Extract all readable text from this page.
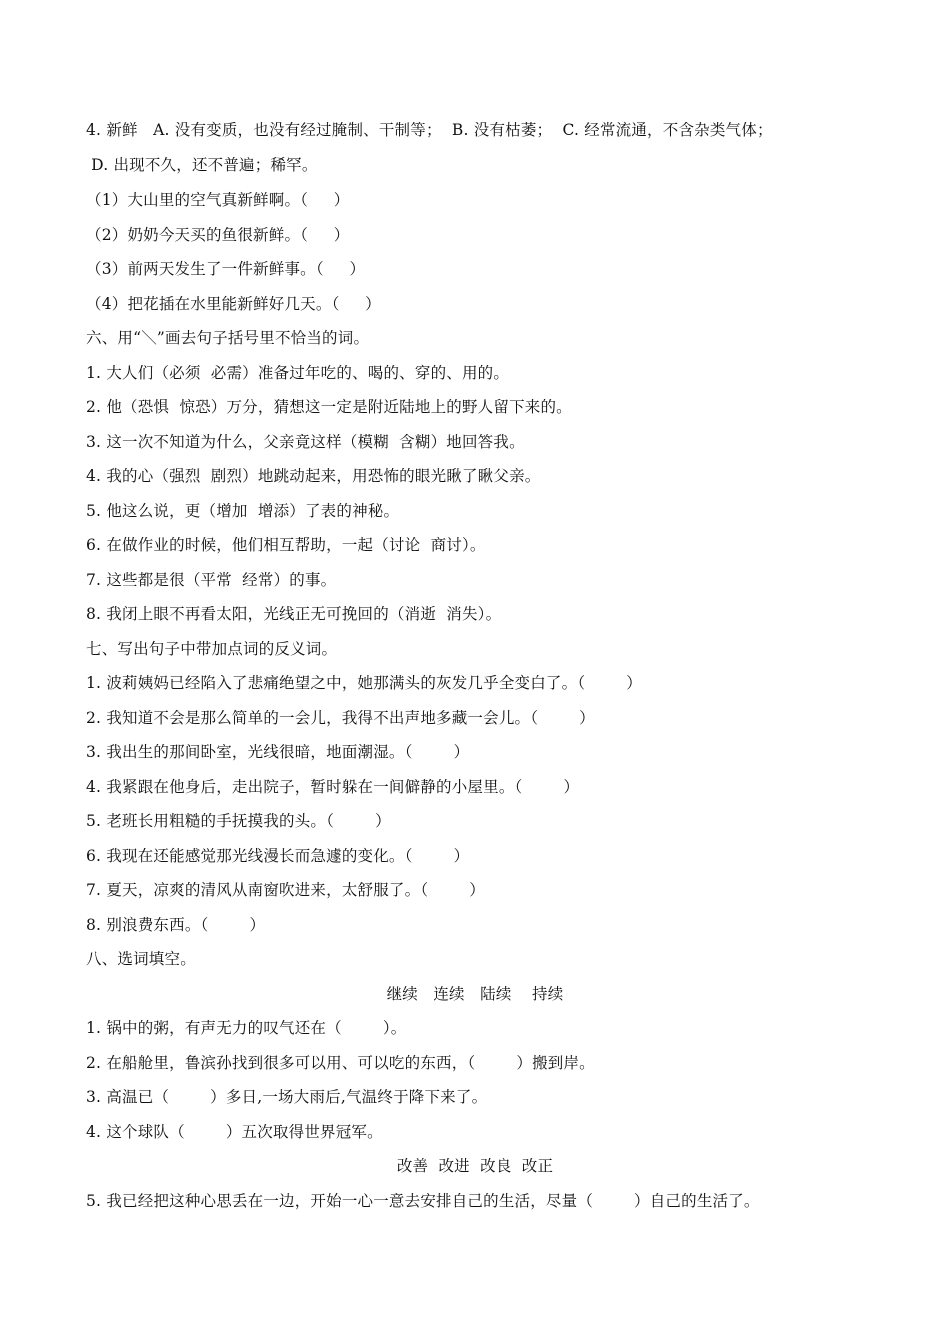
4. 新鲜   A. 没有变质，也没有经过腌制、干制等；  B. 没有枯萎；  C. 经常流通，不含杂类气体；
D. 出现不久，还不普遍；稀罕。
（1）大山里的空气真新鲜啊。（     ）
（2）奶奶今天买的鱼很新鲜。（     ）
（3）前两天发生了一件新鲜事。（     ）
（4）把花插在水里能新鲜好几天。（     ）
六、用“＼”画去句子括号里不恰当的词。
1. 大人们（必须  必需）准备过年吃的、喝的、穿的、用的。
2. 他（恐惧  惊恐）万分，猜想这一定是附近陆地上的野人留下来的。
3. 这一次不知道为什么，父亲竟这样（模糊  含糊）地回答我。
4. 我的心（强烈  剧烈）地跳动起来，用恐怖的眼光瞅了瞅父亲。
5. 他这么说，更（增加  增添）了表的神秘。
6. 在做作业的时候，他们相互帮助，一起（讨论  商讨）。
7. 这些都是很（平常  经常）的事。
8. 我闭上眼不再看太阳，光线正无可挽回的（消逝  消失）。
七、写出句子中带加点词的反义词。
1. 波莉姨妈已经陷入了悲痛绝望之中，她那满头的灰发几乎全变白了。（        ）
2. 我知道不会是那么简单的一会儿，我得不出声地多藏一会儿。（        ）
3. 我出生的那间卧室，光线很暗，地面潮湿。（        ）
4. 我紧跟在他身后，走出院子，暂时躲在一间僻静的小屋里。（        ）
5. 老班长用粗糙的手抚摸我的头。（        ）
6. 我现在还能感觉那光线漫长而急遽的变化。（        ）
7. 夏天，凉爽的清风从南窗吹进来，太舒服了。（        ）
8. 别浪费东西。（        ）
八、选词填空。
继续   连续   陆续    持续
1. 锅中的粥，有声无力的叹气还在（        ）。
2. 在船舱里，鲁滨孙找到很多可以用、可以吃的东西，（        ）搬到岸。
3. 高温已（        ）多日,一场大雨后,气温终于降下来了。
4. 这个球队（        ）五次取得世界冠军。
改善  改进  改良  改正
5. 我已经把这种心思丢在一边，开始一心一意去安排自己的生活，尽量（        ）自己的生活了。
